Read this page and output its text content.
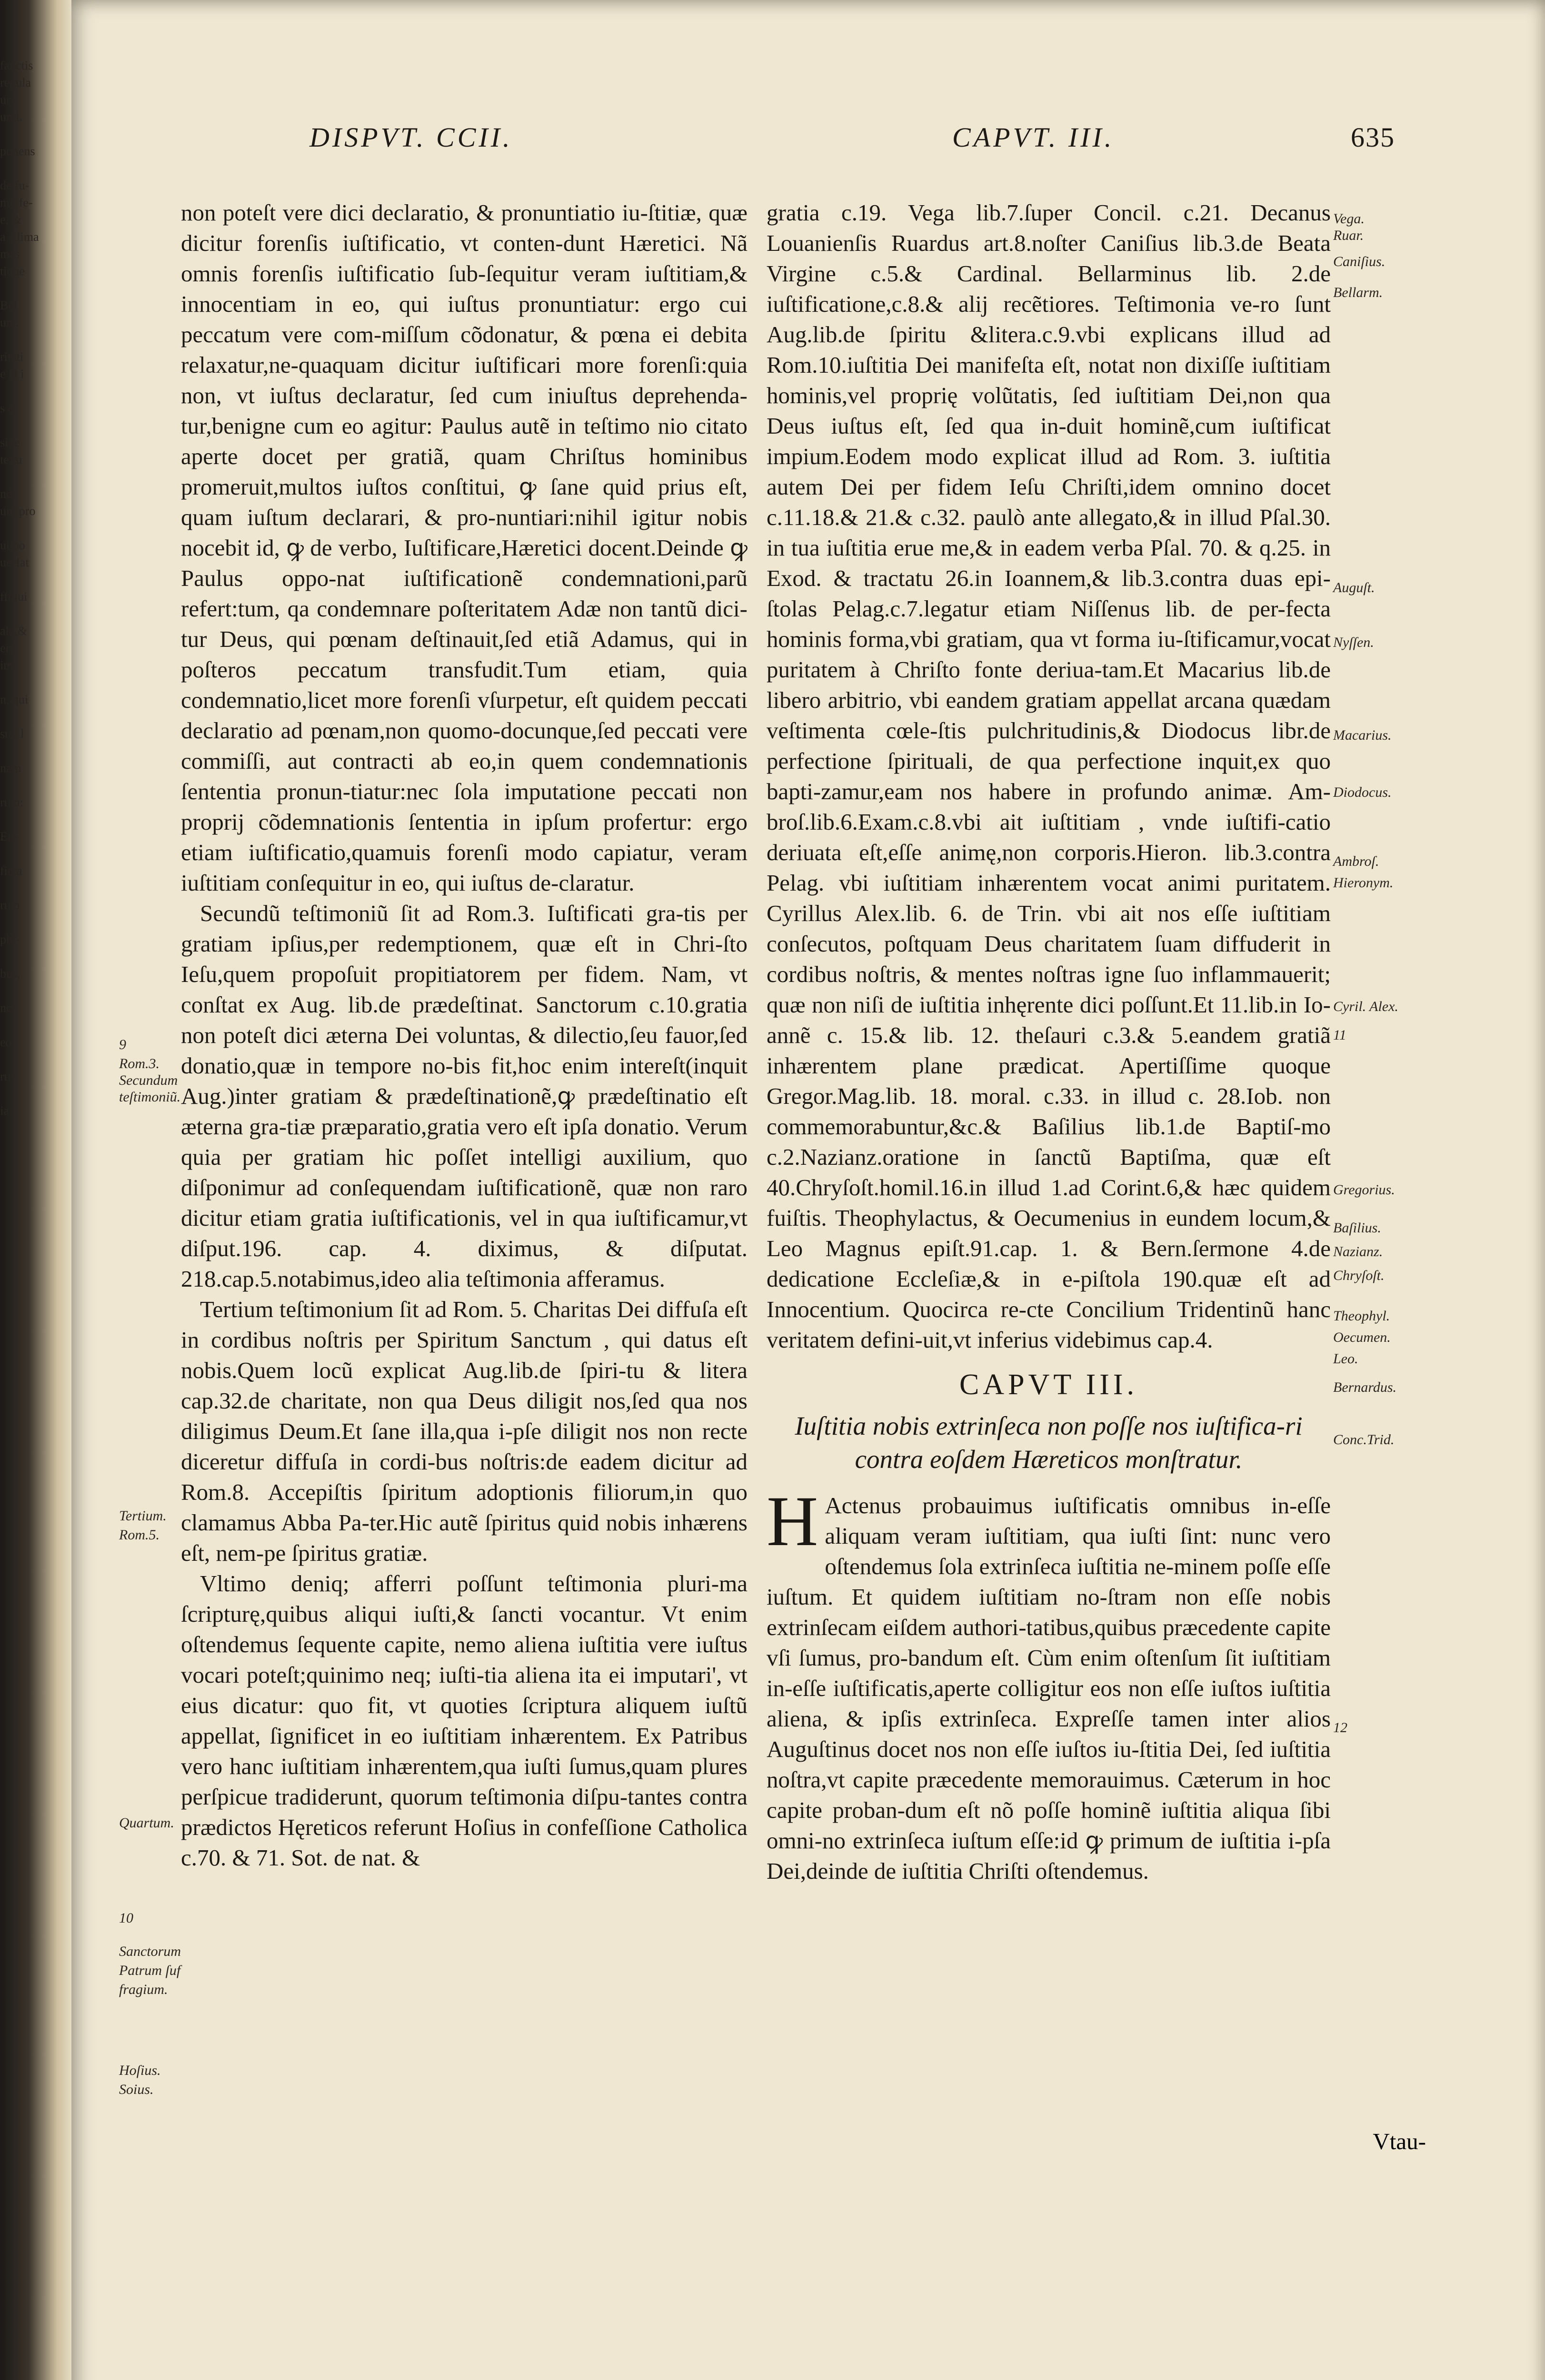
fanctis
regula
ur-
umi.

ponens

de fu-
mo fe-
e, &
a Alima
mas
tique

Bel
um.

ritati
e D i

s &

sine
te:tu

nd:
um pro

ui po
uerfat

ffolui

ale,&
ero
im.

n, qui

sui. l

nam

rum:

Eu-

ficta

rum

phi-

bus,

nc-

eo

ru-

ia
DISPVT. CCII.	CAPVT. III.	635

non poteſt vere dici declaratio, & pronuntiatio iu-ſtitiæ, quæ dicitur forenſis iuſtificatio, vt conten-dunt Hæretici. Nã omnis forenſis iuſtificatio ſub-ſequitur veram iuſtitiam,& innocentiam in eo, qui iuſtus pronuntiatur: ergo cui peccatum vere com-miſſum cõdonatur, & pœna ei debita relaxatur,ne-quaquam dicitur iuſtificari more forenſi:quia non, vt iuſtus declaratur, ſed cum iniuſtus deprehenda-tur,benigne cum eo agitur: Paulus autẽ in teſtimo nio citato aperte docet per gratiã, quam Chriſtus hominibus promeruit,multos iuſtos conſtitui, ꝙ ſane quid prius eſt, quam iuſtum declarari, & pro-nuntiari:nihil igitur nobis nocebit id, ꝙ de verbo, Iuſtificare,Hæretici docent.Deinde ꝙ Paulus oppo-nat iuſtificationẽ condemnationi,parũ refert:tum, qa condemnare poſteritatem Adæ non tantũ dici-tur Deus, qui pœnam deſtinauit,ſed etiã Adamus, qui in poſteros peccatum transfudit.Tum etiam, quia condemnatio,licet more forenſi vſurpetur, eſt quidem peccati declaratio ad pœnam,non quomo-docunque,ſed peccati vere commiſſi, aut contracti ab eo,in quem condemnationis ſententia pronun-tiatur:nec ſola imputatione peccati non proprij cõdemnationis ſententia in ipſum profertur: ergo etiam iuſtificatio,quamuis forenſi modo capiatur, veram iuſtitiam conſequitur in eo, qui iuſtus de-claratur.

Secundũ teſtimoniũ ſit ad Rom.3. Iuſtificati gra-tis per gratiam ipſius,per redemptionem, quæ eſt in Chri-ſto Ieſu,quem propoſuit propitiatorem per fidem. Nam, vt conſtat ex Aug. lib.de prædeſtinat. Sanctorum c.10.gratia non poteſt dici æterna Dei voluntas, & dilectio,ſeu fauor,ſed donatio,quæ in tempore no-bis fit,hoc enim intereſt(inquit Aug.)inter gratiam & prædeſtinationẽ,ꝙ prædeſtinatio eſt æterna gra-tiæ præparatio,gratia vero eſt ipſa donatio. Verum quia per gratiam hic poſſet intelligi auxilium, quo diſponimur ad conſequendam iuſtificationẽ, quæ non raro dicitur etiam gratia iuſtificationis, vel in qua iuſtificamur,vt diſput.196. cap. 4. diximus, & diſputat. 218.cap.5.notabimus,ideo alia teſtimonia afferamus.

Tertium teſtimonium ſit ad Rom. 5. Charitas Dei diffuſa eſt in cordibus noſtris per Spiritum Sanctum , qui datus eſt nobis.Quem locũ explicat Aug.lib.de ſpiri-tu & litera cap.32.de charitate, non qua Deus diligit nos,ſed qua nos diligimus Deum.Et ſane illa,qua i-pſe diligit nos non recte diceretur diffuſa in cordi-bus noſtris:de eadem dicitur ad Rom.8. Accepiſtis ſpiritum adoptionis filiorum,in quo clamamus Abba Pa-ter.Hic autẽ ſpiritus quid nobis inhærens eſt, nem-pe ſpiritus gratiæ.

Vltimo deniq; afferri poſſunt teſtimonia pluri-ma ſcripturę,quibus aliqui iuſti,& ſancti vocantur. Vt enim oſtendemus ſequente capite, nemo aliena iuſtitia vere iuſtus vocari poteſt;quinimo neq; iuſti-tia aliena ita ei imputari', vt eius dicatur: quo fit, vt quoties ſcriptura aliquem iuſtũ appellat, ſignificet in eo iuſtitiam inhærentem. Ex Patribus vero hanc iuſtitiam inhærentem,qua iuſti ſumus,quam plures perſpicue tradiderunt, quorum teſtimonia diſpu-tantes contra prædictos Hęreticos referunt Hoſius in confeſſione Catholica c.70. & 71. Sot. de nat. &

gratia c.19. Vega lib.7.ſuper Concil. c.21. Decanus Louanienſis Ruardus art.8.noſter Caniſius lib.3.de Beata Virgine c.5.& Cardinal. Bellarminus lib. 2.de iuſtificatione,c.8.& alij recẽtiores. Teſtimonia ve-ro ſunt Aug.lib.de ſpiritu &litera.c.9.vbi explicans illud ad Rom.10.iuſtitia Dei manifeſta eſt, notat non dixiſſe iuſtitiam hominis,vel proprię volũtatis, ſed iuſtitiam Dei,non qua Deus iuſtus eſt, ſed qua in-duit hominẽ,cum iuſtificat impium.Eodem modo explicat illud ad Rom. 3. iuſtitia autem Dei per fidem Ieſu Chriſti,idem omnino docet c.11.18.& 21.& c.32. paulò ante allegato,& in illud Pſal.30. in tua iuſtitia erue me,& in eadem verba Pſal. 70. & q.25. in Exod. & tractatu 26.in Ioannem,& lib.3.contra duas epi-ſtolas Pelag.c.7.legatur etiam Niſſenus lib. de per-fecta hominis forma,vbi gratiam, qua vt forma iu-ſtificamur,vocat puritatem à Chriſto fonte deriua-tam.Et Macarius lib.de libero arbitrio, vbi eandem gratiam appellat arcana quædam veſtimenta cœle-ſtis pulchritudinis,& Diodocus libr.de perfectione ſpirituali, de qua perfectione inquit,ex quo bapti-zamur,eam nos habere in profundo animæ. Am-broſ.lib.6.Exam.c.8.vbi ait iuſtitiam , vnde iuſtifi-catio deriuata eſt,eſſe animę,non corporis.Hieron. lib.3.contra Pelag. vbi iuſtitiam inhærentem vocat animi puritatem. Cyrillus Alex.lib. 6. de Trin. vbi ait nos eſſe iuſtitiam conſecutos, poſtquam Deus charitatem ſuam diffuderit in cordibus noſtris, & mentes noſtras igne ſuo inflammauerit; quæ non niſi de iuſtitia inhęrente dici poſſunt.Et 11.lib.in Io-annẽ c. 15.& lib. 12. theſauri c.3.& 5.eandem gratiã inhærentem plane prædicat. Apertiſſime quoque Gregor.Mag.lib. 18. moral. c.33. in illud c. 28.Iob. non commemorabuntur,&c.& Baſilius lib.1.de Baptiſ-mo c.2.Nazianz.oratione in ſanctũ Baptiſma, quæ eſt 40.Chryſoſt.homil.16.in illud 1.ad Corint.6,& hæc quidem fuiſtis. Theophylactus, & Oecumenius in eundem locum,& Leo Magnus epiſt.91.cap. 1. & Bern.ſermone 4.de dedicatione Eccleſiæ,& in e-piſtola 190.quæ eſt ad Innocentium. Quocirca re-cte Concilium Tridentinũ hanc veritatem defini-uit,vt inferius videbimus cap.4.

CAPVT III.
Iuſtitia nobis extrinſeca non poſſe nos iuſtifica-ri contra eoſdem Hæreticos monſtratur.

H Actenus probauimus iuſtificatis omnibus in-eſſe aliquam veram iuſtitiam, qua iuſti ſint: nunc vero oſtendemus ſola extrinſeca iuſtitia ne-minem poſſe eſſe iuſtum. Et quidem iuſtitiam no-ſtram non eſſe nobis extrinſecam eiſdem authori-tatibus,quibus præcedente capite vſi ſumus, pro-bandum eſt. Cùm enim oſtenſum ſit iuſtitiam in-eſſe iuſtificatis,aperte colligitur eos non eſſe iuſtos iuſtitia aliena, & ipſis extrinſeca. Expreſſe tamen inter alios Auguſtinus docet nos non eſſe iuſtos iu-ſtitia Dei, ſed iuſtitia noſtra,vt capite præcedente memorauimus. Cæterum in hoc capite proban-dum eſt nõ poſſe hominẽ iuſtitia aliqua ſibi omni-no extrinſeca iuſtum eſſe:id ꝙ primum de iuſtitia i-pſa Dei,deinde de iuſtitia Chriſti oſtendemus.

Vtau-
9
Rom.3.
Secundum
teſtimoniũ.
Tertium.
Rom.5.
Quartum.
10
Sanctorum
Patrum ſuf
fragium.
Hoſius.
Soius.
Vega.
Ruar.
Caniſius.
Bellarm.
Auguſt.
Nyſſen.
Macarius.
Diodocus.
Ambroſ.
Hieronym.
Cyril. Alex.
11
Gregorius.
Baſilius.
Nazianz.
Chryſoſt.
Theophyl.
Oecumen.
Leo.
Bernardus.
Conc.Trid.
12
